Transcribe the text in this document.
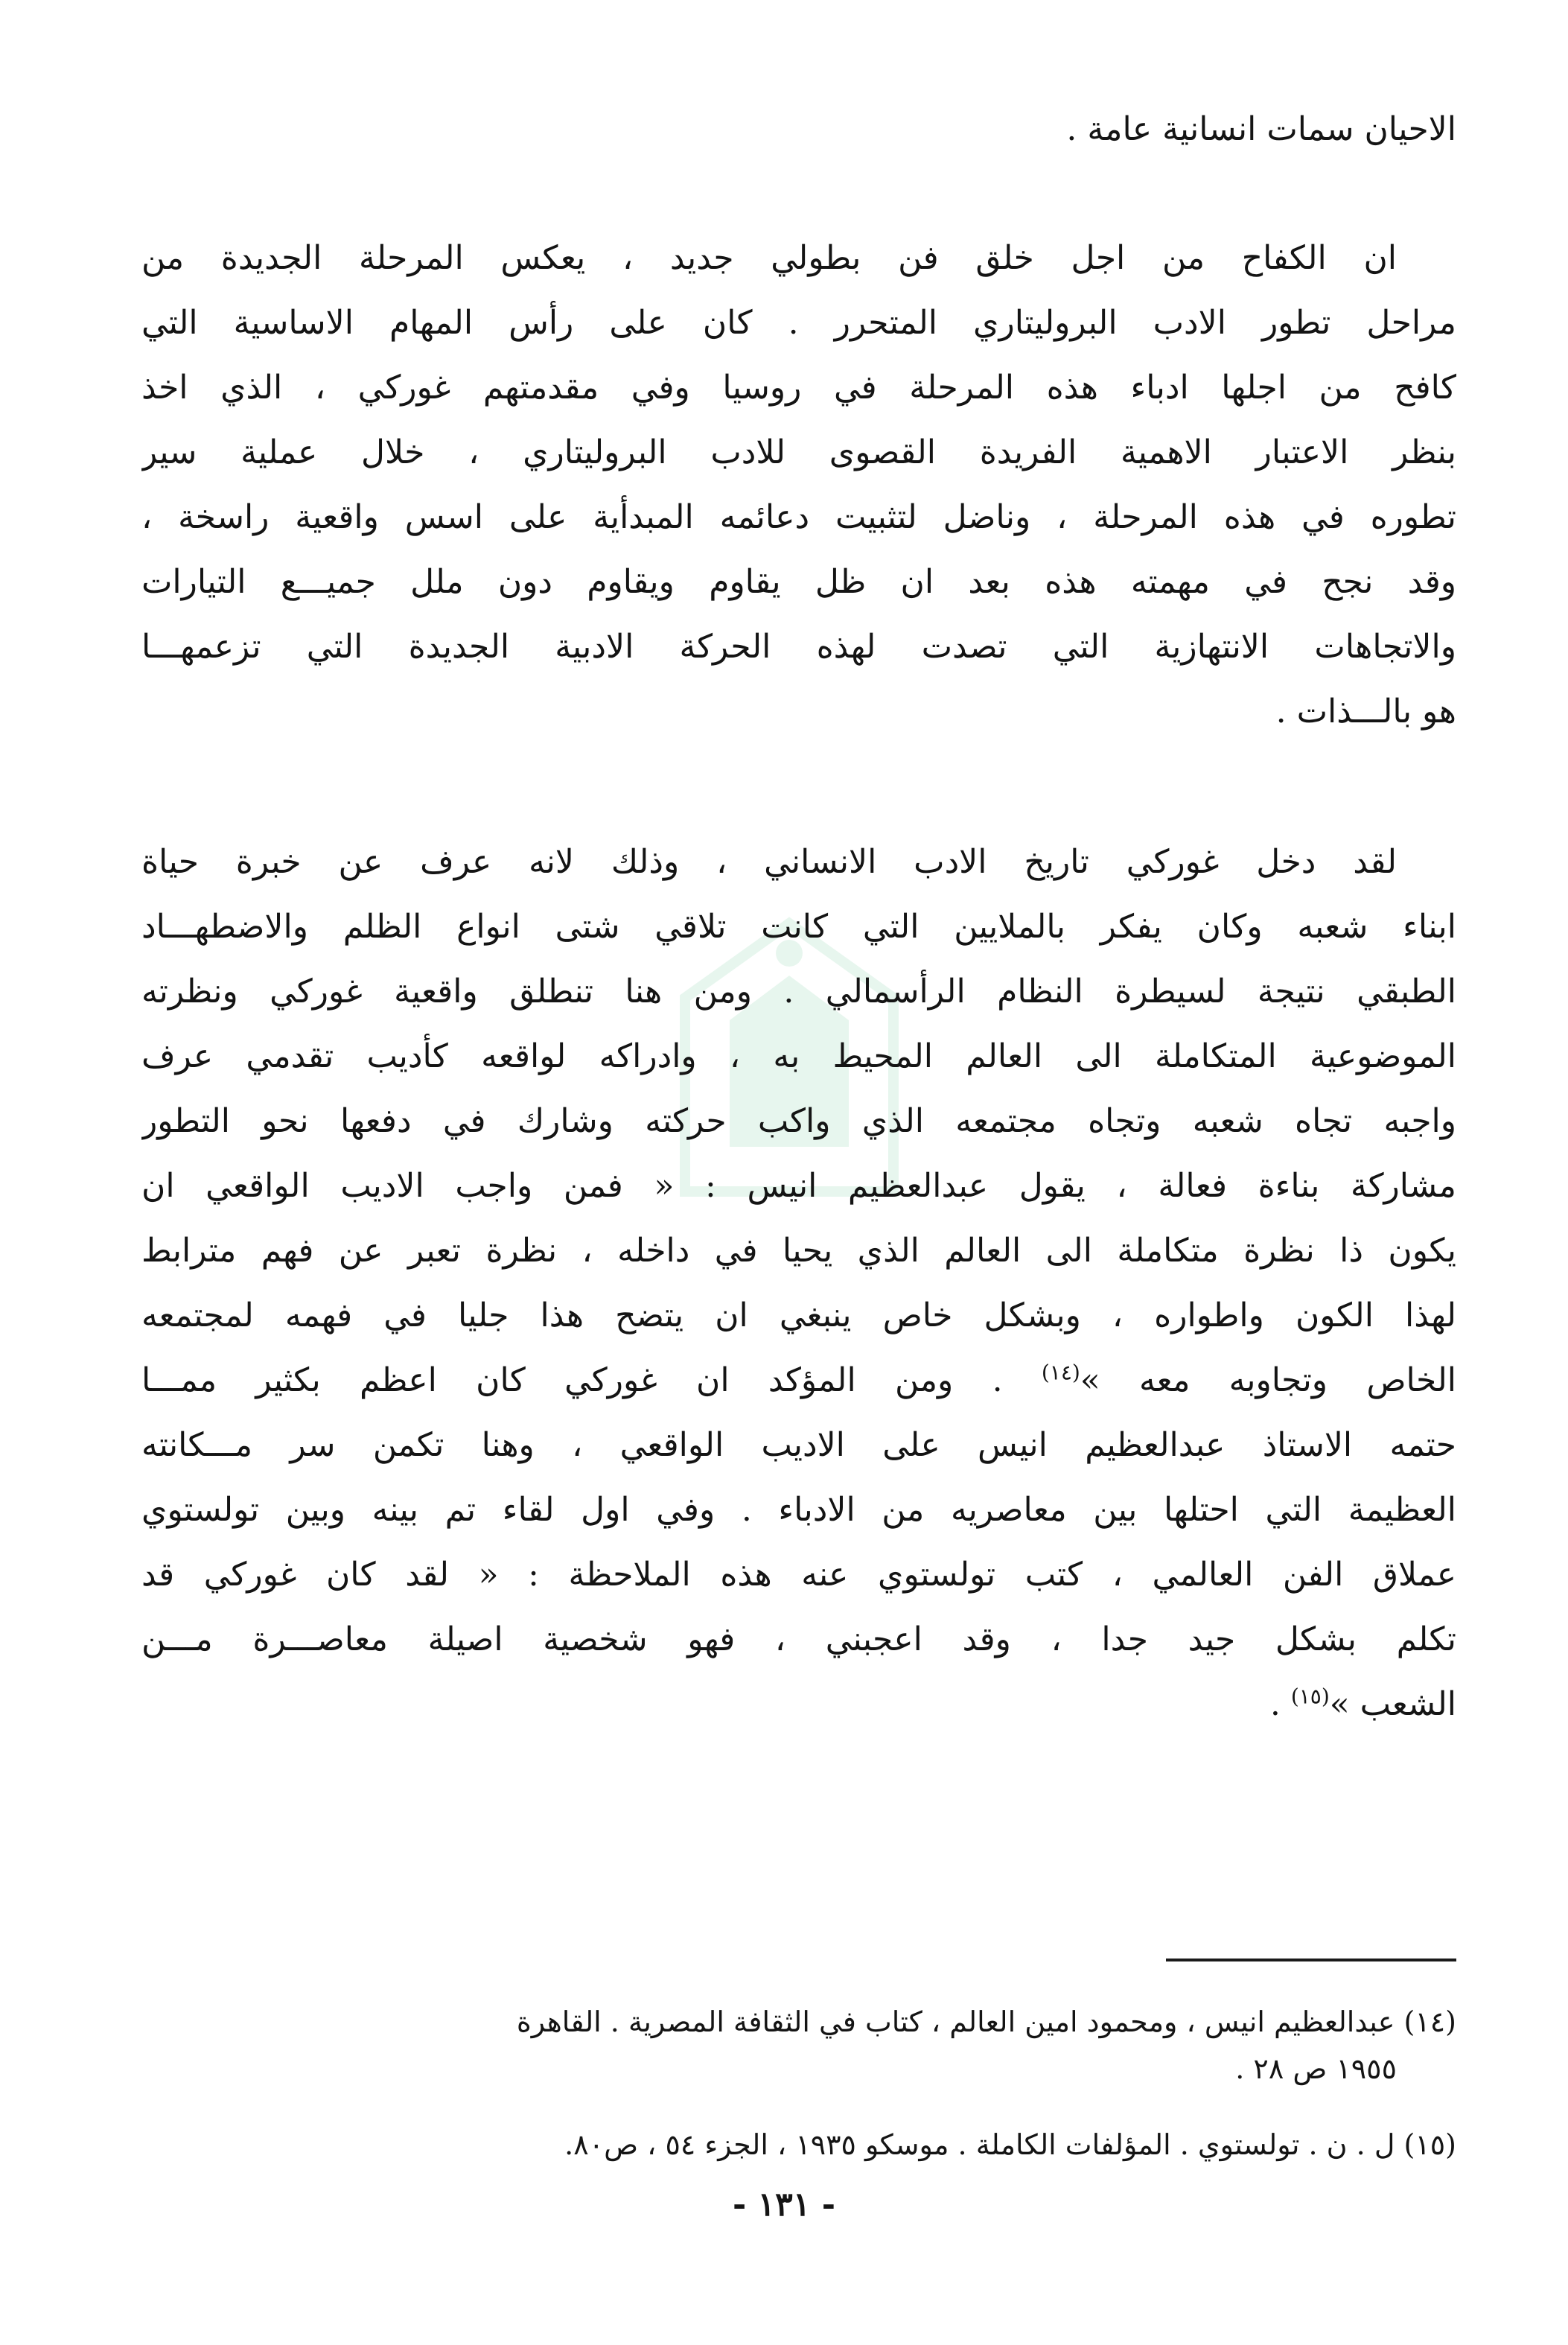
الاحيان سمات انسانية عامة .

ان الكفاح من اجل خلق فن بطولي جديد ، يعكس المرحلة الجديدة من

مراحل تطور الادب البروليتاري المتحرر . كان على رأس المهام الاساسية التي

كافح من اجلها ادباء هذه المرحلة في روسيا وفي مقدمتهم غوركي ، الذي اخذ

بنظر الاعتبار الاهمية الفريدة القصوى للادب البروليتاري ، خلال عملية سير

تطوره في هذه المرحلة ، وناضل لتثبيت دعائمه المبدأية على اسس واقعية راسخة ،

وقد نجح في مهمته هذه بعد ان ظل يقاوم ويقاوم دون ملل جميـــع التيارات

والاتجاهات الانتهازية التي تصدت لهذه الحركة الادبية الجديدة التي تزعمهـــا

هو بالـــذات .

لقد دخل غوركي تاريخ الادب الانساني ، وذلك لانه عرف عن خبرة حياة

ابناء شعبه وكان يفكر بالملايين التي كانت تلاقي شتى انواع الظلم والاضطهـــاد

الطبقي نتيجة لسيطرة النظام الرأسمالي . ومن هنا تنطلق واقعية غوركي ونظرته

الموضوعية المتكاملة الى العالم المحيط به ، وادراكه لواقعه كأديب تقدمي عرف

واجبه تجاه شعبه وتجاه مجتمعه الذي واكب حركته وشارك في دفعها نحو التطور

مشاركة بناءة فعالة ، يقول عبدالعظيم انيس : « فمن واجب الاديب الواقعي ان

يكون ذا نظرة متكاملة الى العالم الذي يحيا في داخله ، نظرة تعبر عن فهم مترابط

لهذا الكون واطواره ، وبشكل خاص ينبغي ان يتضح هذا جليا في فهمه لمجتمعه

الخاص وتجاوبه معه »$^{(١٤)}$ . ومن المؤكد ان غوركي كان اعظم بكثير ممـــا

حتمه الاستاذ عبدالعظيم انيس على الاديب الواقعي ، وهنا تكمن سر مـــكانته

العظيمة التي احتلها بين معاصريه من الادباء . وفي اول لقاء تم بينه وبين تولستوي

عملاق الفن العالمي ، كتب تولستوي عنه هذه الملاحظة : « لقد كان غوركي قد

تكلم بشكل جيد جدا ، وقد اعجبني ، فهو شخصية اصيلة معاصـــرة مـــن

الشعب »$^{(١٥)}$ .

(١٤) عبدالعظيم انيس ، ومحمود امين العالم ، كتاب في الثقافة المصرية . القاهرة

١٩٥٥ ص ٢٨ .

(١٥) ل . ن . تولستوي . المؤلفات الكاملة . موسكو ١٩٣٥ ، الجزء ٥٤ ، ص٨٠.

- ١٣١ -
